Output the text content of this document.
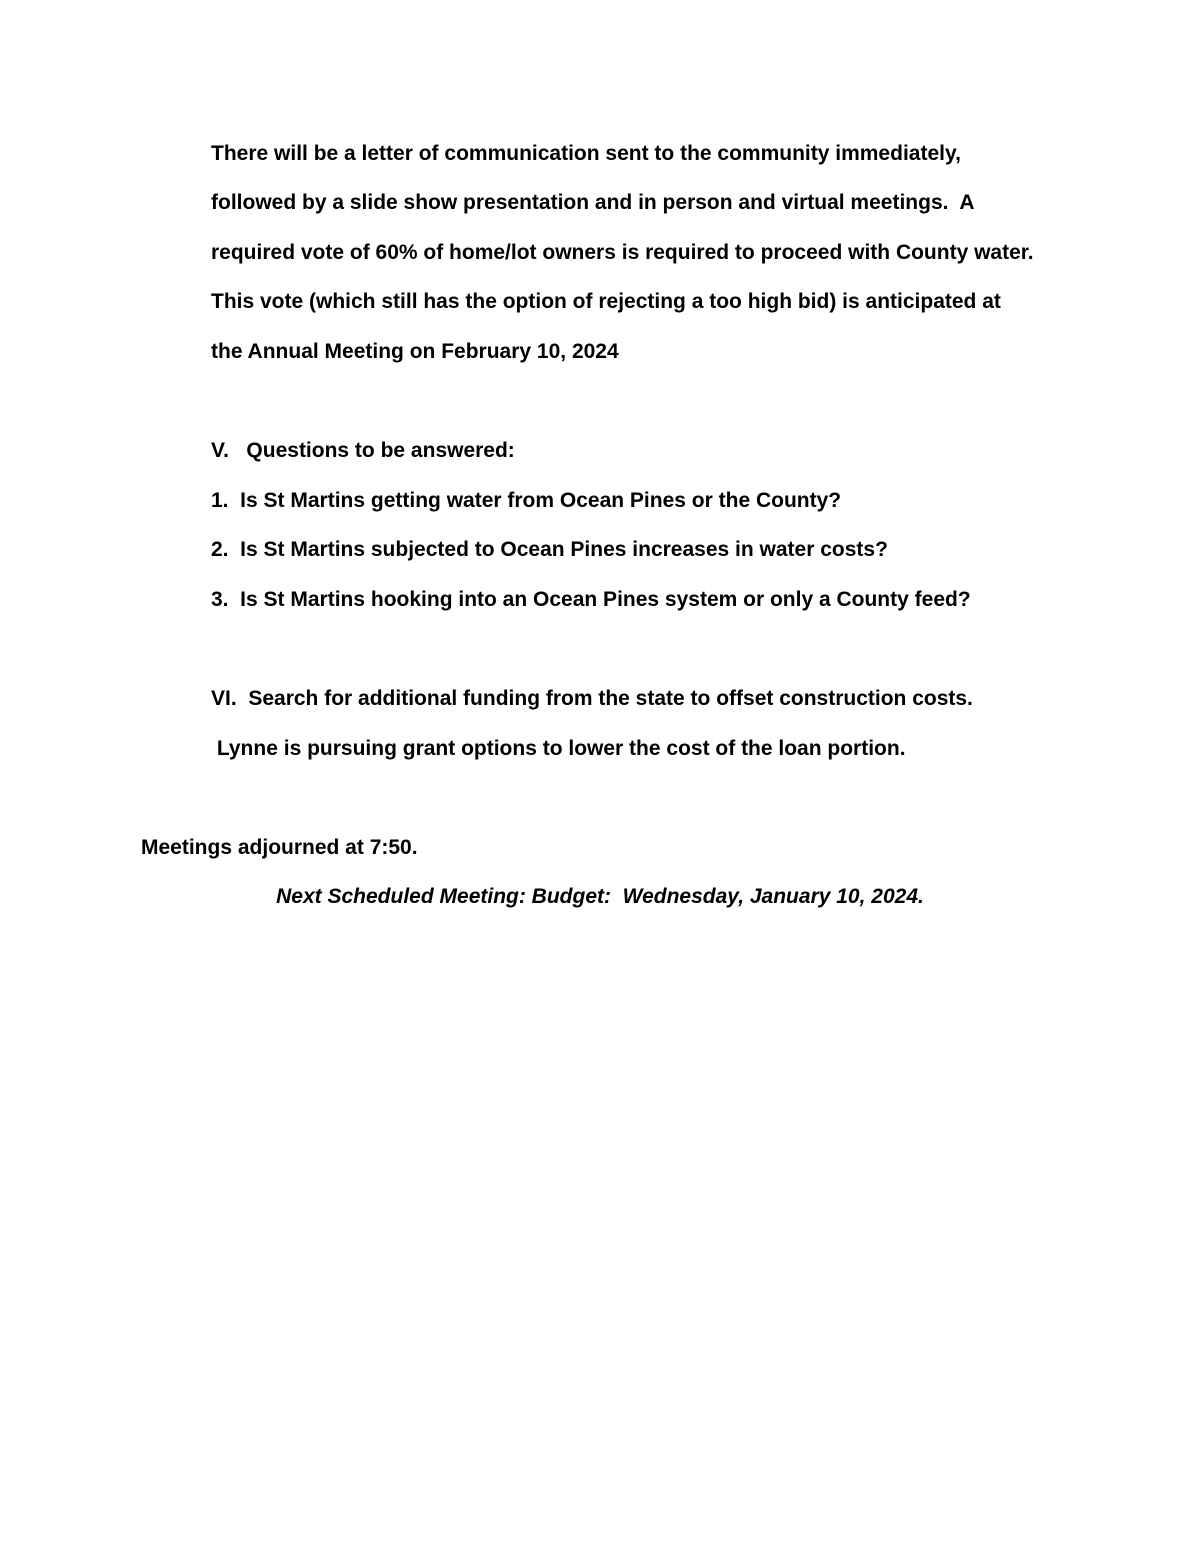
There will be a letter of communication sent to the community immediately,

followed by a slide show presentation and in person and virtual meetings.  A

required vote of 60% of home/lot owners is required to proceed with County water.

This vote (which still has the option of rejecting a too high bid) is anticipated at

the Annual Meeting on February 10, 2024

V.   Questions to be answered:

1.  Is St Martins getting water from Ocean Pines or the County?

2.  Is St Martins subjected to Ocean Pines increases in water costs?

3.  Is St Martins hooking into an Ocean Pines system or only a County feed?

VI.  Search for additional funding from the state to offset construction costs.

Lynne is pursuing grant options to lower the cost of the loan portion.

Meetings adjourned at 7:50.

Next Scheduled Meeting: Budget:  Wednesday, January 10, 2024.
